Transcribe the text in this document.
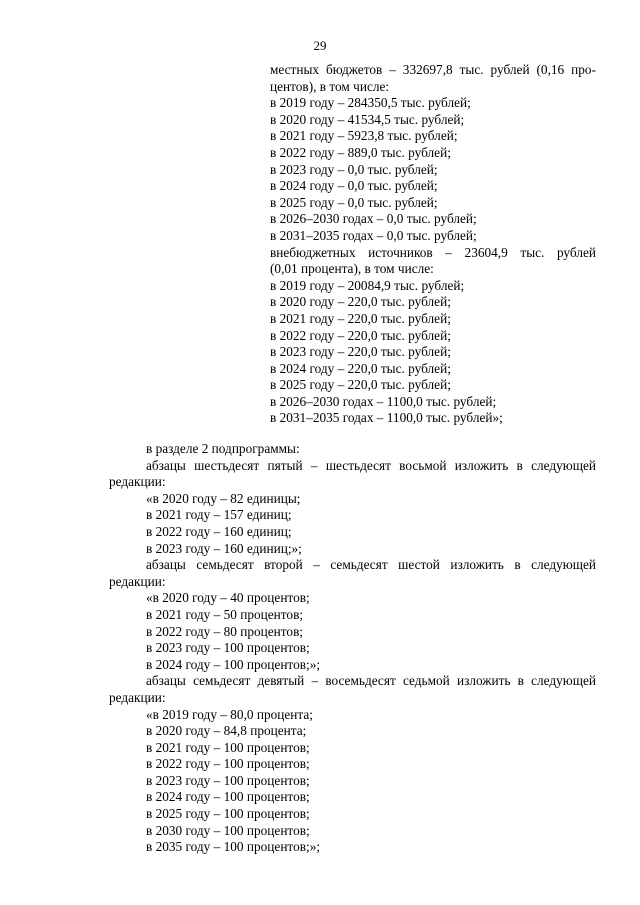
29
местных бюджетов – 332697,8 тыс. рублей (0,16 про-
центов), в том числе:
в 2019 году – 284350,5 тыс. рублей;
в 2020 году – 41534,5 тыс. рублей;
в 2021 году – 5923,8 тыс. рублей;
в 2022 году – 889,0 тыс. рублей;
в 2023 году – 0,0 тыс. рублей;
в 2024 году – 0,0 тыс. рублей;
в 2025 году – 0,0 тыс. рублей;
в 2026–2030 годах – 0,0 тыс. рублей;
в 2031–2035 годах – 0,0 тыс. рублей;
внебюджетных источников – 23604,9 тыс. рублей
(0,01 процента), в том числе:
в 2019 году – 20084,9 тыс. рублей;
в 2020 году – 220,0 тыс. рублей;
в 2021 году – 220,0 тыс. рублей;
в 2022 году – 220,0 тыс. рублей;
в 2023 году – 220,0 тыс. рублей;
в 2024 году – 220,0 тыс. рублей;
в 2025 году – 220,0 тыс. рублей;
в 2026–2030 годах – 1100,0 тыс. рублей;
в 2031–2035 годах – 1100,0 тыс. рублей»;
в разделе 2 подпрограммы:
абзацы шестьдесят пятый – шестьдесят восьмой изложить в следующей редакции:
«в 2020 году – 82 единицы;
в 2021 году – 157 единиц;
в 2022 году – 160 единиц;
в 2023 году – 160 единиц;»;
абзацы семьдесят второй – семьдесят шестой изложить в следующей редакции:
«в 2020 году – 40 процентов;
в 2021 году – 50 процентов;
в 2022 году – 80 процентов;
в 2023 году – 100 процентов;
в 2024 году – 100 процентов;»;
абзацы семьдесят девятый – восемьдесят седьмой изложить в следующей редакции:
«в 2019 году – 80,0 процента;
в 2020 году – 84,8 процента;
в 2021 году – 100 процентов;
в 2022 году – 100 процентов;
в 2023 году – 100 процентов;
в 2024 году – 100 процентов;
в 2025 году – 100 процентов;
в 2030 году – 100 процентов;
в 2035 году – 100 процентов;»;
